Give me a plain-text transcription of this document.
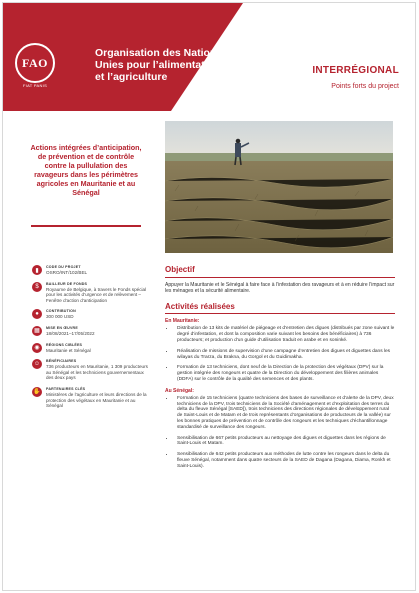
FAO
FIAT PANIS

Organisation des Nations Unies pour l’alimentation et l’agriculture

INTERRÉGIONAL
Points forts du project
Actions intégrées d’anticipation, de prévention et de contrôle contre la pullulation des ravageurs dans les périmètres agricoles en Mauritanie et au Sénégal
▮
CODE DU PROJET
OSRO/INT/102/BEL
$	BAILLEUR DE FONDS
Royaume de Belgique, à travers le Fonds spécial pour les activités d’urgence et de relèvement – Fenêtre d’action d’anticipation
●	CONTRIBUTION
300 000 USD
▦
MISE EN ŒUVRE
18/08/2021–17/05/2022
◉
RÉGIONS CIBLÉES
Mauritanie et Sénégal
☺	BÉNÉFICIAIRES
736 producteurs en Mauritanie, 1 309 producteurs au Sénégal et les techniciens gouvernementaux des deux pays
✋
PARTENAIRES CLÉS
Ministères de l’agriculture et leurs directions de la protection des végétaux en Mauritanie et au Sénégal
Objectif

Appuyer la Mauritanie et le Sénégal à faire face à l’infestation des ravageurs et à en réduire l’impact sur les ménages et la sécurité alimentaire.

Activités réalisées
En Mauritanie:
• Distribution de 13 kits de matériel de piégeage et d’entretien des digues (distribués par zone suivant le degré d’infestation, et dont la composition varie suivant les besoins des bénéficiaires) à 736 producteurs; et production d’un guide d’utilisation traduit en arabe et en soninké.
• Réalisation de missions de supervision d’une campagne d’entretien des digues et diguettes dans les wilayas du Trarza, du Brakna, du Gorgol et du Guidimakha.
• Formation de 13 techniciens, dont neuf de la Direction de la protection des végétaux (DPV) sur la gestion intégrée des rongeurs et quatre de la Direction du développement des filières animales (DDFA) sur le contrôle de la qualité des semences et des plants.
Au Sénégal:
• Formation de 15 techniciens (quatre techniciens des bases de surveillance et d’alerte de la DPV, deux techniciens de la DPV, trois techniciens de la Société d’aménagement et d’exploitation des terres du delta du fleuve Sénégal [SAED]), trois techniciens des directions régionales de développement rural de Saint-Louis et de Matam et de trois représentants d’organisations de producteurs de la vallée) sur les bonnes pratiques de prévention et de contrôle des rongeurs et les techniques d’échantillonnage standardisé de surveillance des rongeurs.
• Sensibilisation de 667 petits producteurs au nettoyage des digues et diguettes dans les régions de Saint-Louis et Matam.
• Sensibilisation de 642 petits producteurs aux méthodes de lutte contre les rongeurs dans le delta du fleuve Sénégal, notamment dans quatre secteurs de la SAED de Dagana (Dagana, Diama, Ronkh et Saint-Louis).
